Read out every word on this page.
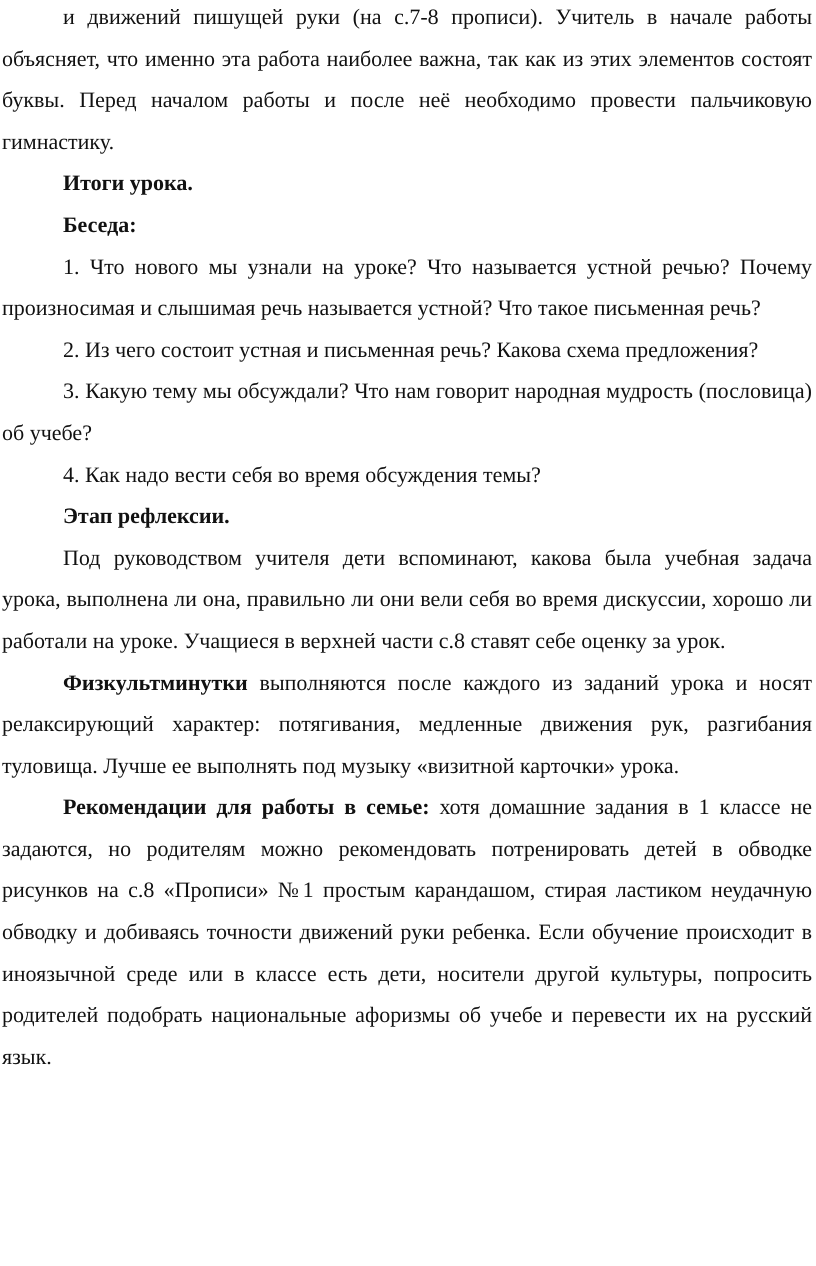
и движений пишущей руки (на с.7-8 прописи). Учитель в начале работы объясняет, что именно эта работа наиболее важна, так как из этих элементов состоят буквы. Перед началом работы и после неё необходимо провести пальчиковую гимнастику.

Итоги урока.

Беседа:

1. Что нового мы узнали на уроке? Что называется устной речью? Почему произносимая и слышимая речь называется устной? Что такое письменная речь?

2. Из чего состоит устная и письменная речь? Какова схема предложения?

3. Какую тему мы обсуждали? Что нам говорит народная мудрость (пословица) об учебе?

4. Как надо вести себя во время обсуждения темы?

Этап рефлексии.

Под руководством учителя дети вспоминают, какова была учебная задача урока, выполнена ли она, правильно ли они вели себя во время дискуссии, хорошо ли работали на уроке. Учащиеся в верхней части с.8 ставят себе оценку за урок.

Физкультминутки выполняются после каждого из заданий урока и носят релаксирующий характер: потягивания, медленные движения рук, разгибания туловища. Лучше ее выполнять под музыку «визитной карточки» урока.

Рекомендации для работы в семье: хотя домашние задания в 1 классе не задаются, но родителям можно рекомендовать потренировать детей в обводке рисунков на с.8 «Прописи» №1 простым карандашом, стирая ластиком неудачную обводку и добиваясь точности движений руки ребенка. Если обучение происходит в иноязычной среде или в классе есть дети, носители другой культуры, попросить родителей подобрать национальные афоризмы об учебе и перевести их на русский язык.
